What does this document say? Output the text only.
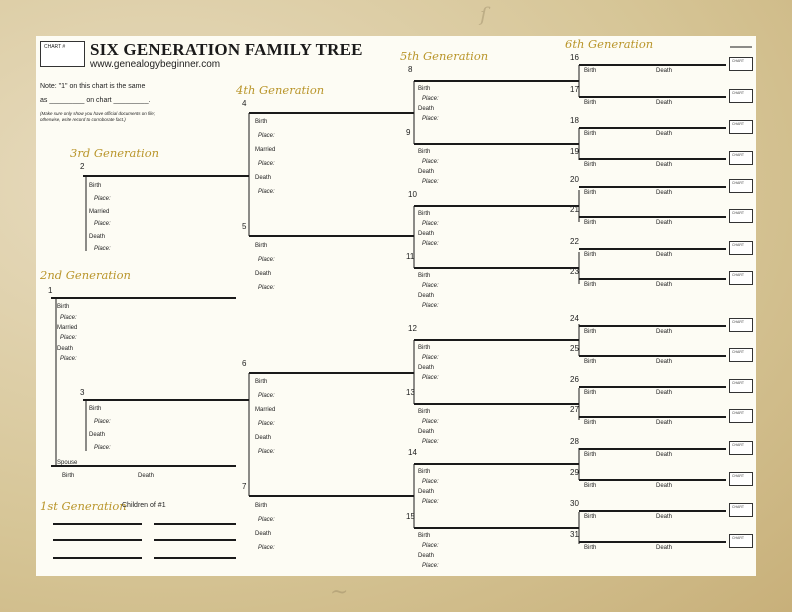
ſ
~
CHART # SIX GENERATION FAMILY TREE
www.genealogybeginner.com
Note: "1" on this chart is the same
as _________ on chart _________.
(Make sure only show you have official documents on file;
otherwise, write record to corroborate fact.)
6th Generation
5th Generation
4th Generation
3rd Generation
2nd Generation
1st Generation
Children of #1
1
2
Birth
Place:
Married
Place:
Death
Place:
Birth
Place:
Married
Place:
Death
Place:
3
Birth
Place:
Death
Place:
Spouse
Birth	Death
4
Birth
Place:
Married
Place:
Death
Place:
5
Birth
Place:
Death
Place:
6
Birth
Place:
Married
Place:
Death
Place:
7
Birth
Place:
Death
Place:
8
Birth
Place:
Death
Place:
9
Birth
Place:
Death
Place:
10
Birth
Place:
Death
Place:
11
Birth
Place:
Death
Place:
12
Birth
Place:
Death
Place:
13
Birth
Place:
Death
Place:
14
Birth
Place:
Death
Place:
15
Birth
Place:
Death
Place:
16
Birth	Death
CHART
17
Birth	Death
CHART
18
Birth	Death
CHART
19
Birth	Death
CHART
20
Birth	Death
CHART
21
Birth	Death
CHART
22
Birth	Death
CHART
23
Birth	Death
CHART
24
Birth	Death
CHART
25
Birth	Death
CHART
26
Birth	Death
CHART
27
Birth	Death
CHART
28
Birth	Death
CHART
29
Birth	Death
CHART
30
Birth	Death
CHART
31
Birth	Death
CHART
